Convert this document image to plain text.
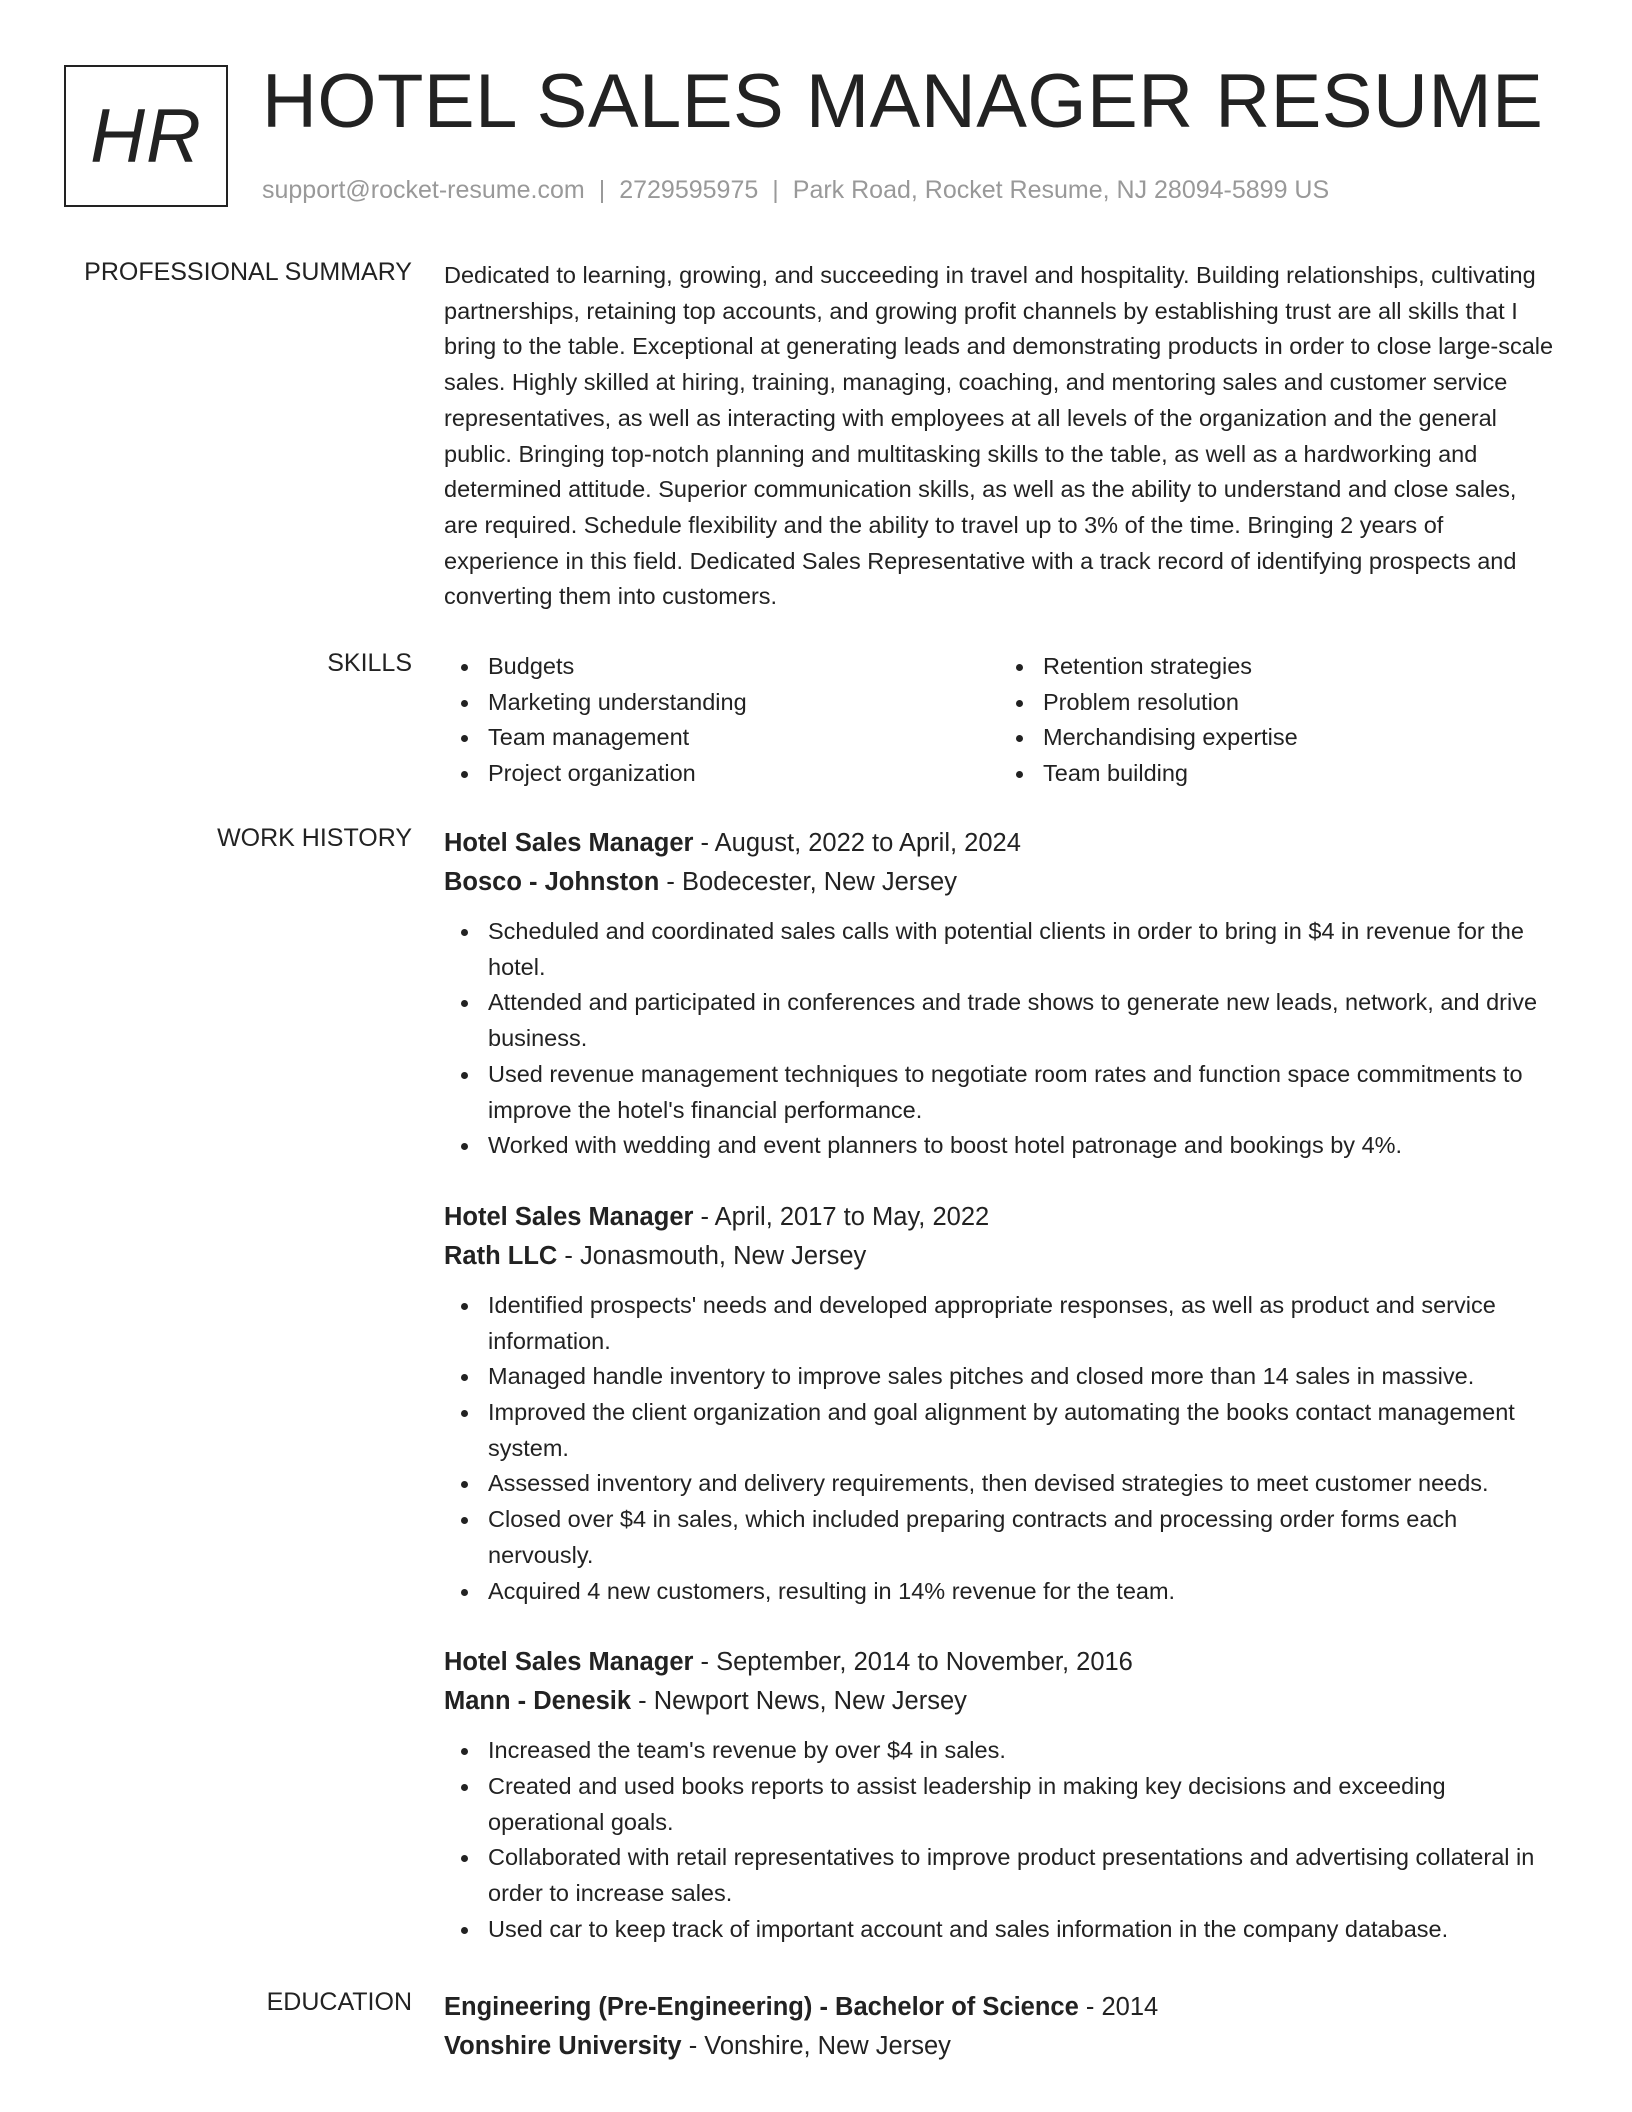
HR HOTEL SALES MANAGER RESUME
support@rocket-resume.com | 2729595975 | Park Road, Rocket Resume, NJ 28094-5899 US
PROFESSIONAL SUMMARY Dedicated to learning, growing, and succeeding in travel and hospitality. Building relationships, cultivating partnerships, retaining top accounts, and growing profit channels by establishing trust are all skills that I bring to the table. Exceptional at generating leads and demonstrating products in order to close large-scale sales. Highly skilled at hiring, training, managing, coaching, and mentoring sales and customer service representatives, as well as interacting with employees at all levels of the organization and the general public. Bringing top-notch planning and multitasking skills to the table, as well as a hardworking and determined attitude. Superior communication skills, as well as the ability to understand and close sales, are required. Schedule flexibility and the ability to travel up to 3% of the time. Bringing 2 years of experience in this field. Dedicated Sales Representative with a track record of identifying prospects and converting them into customers.

SKILLS	Budgets
Marketing understanding
Team management
Project organization
Retention strategies
Problem resolution
Merchandising expertise
Team building
WORK HISTORY Hotel Sales Manager - August, 2022 to April, 2024
Bosco - Johnston - Bodecester, New Jersey
Scheduled and coordinated sales calls with potential clients in order to bring in $4 in revenue for the hotel.
Attended and participated in conferences and trade shows to generate new leads, network, and drive business.
Used revenue management techniques to negotiate room rates and function space commitments to improve the hotel's financial performance.
Worked with wedding and event planners to boost hotel patronage and bookings by 4%.
Hotel Sales Manager - April, 2017 to May, 2022
Rath LLC - Jonasmouth, New Jersey
Identified prospects' needs and developed appropriate responses, as well as product and service information.
Managed handle inventory to improve sales pitches and closed more than 14 sales in massive.
Improved the client organization and goal alignment by automating the books contact management system.
Assessed inventory and delivery requirements, then devised strategies to meet customer needs.
Closed over $4 in sales, which included preparing contracts and processing order forms each nervously.
Acquired 4 new customers, resulting in 14% revenue for the team.
Hotel Sales Manager - September, 2014 to November, 2016
Mann - Denesik - Newport News, New Jersey
Increased the team's revenue by over $4 in sales.
Created and used books reports to assist leadership in making key decisions and exceeding operational goals.
Collaborated with retail representatives to improve product presentations and advertising collateral in order to increase sales.
Used car to keep track of important account and sales information in the company database.
EDUCATION Engineering (Pre-Engineering) - Bachelor of Science - 2014
Vonshire University - Vonshire, New Jersey
